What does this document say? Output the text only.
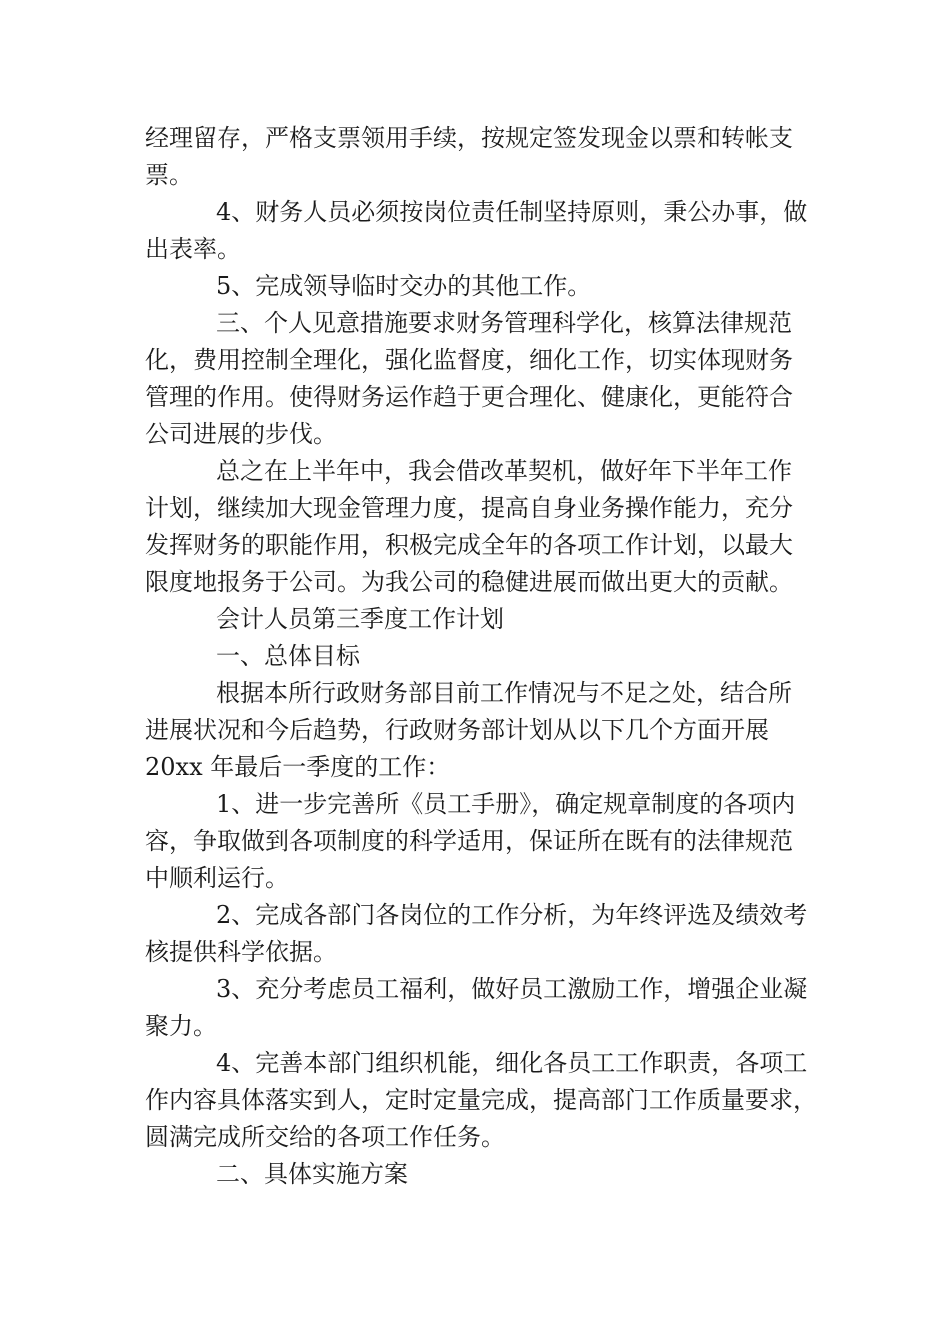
经理留存，严格支票领用手续，按规定签发现金以票和转帐支

票。

4、财务人员必须按岗位责任制坚持原则，秉公办事，做

出表率。

5、完成领导临时交办的其他工作。

三、个人见意措施要求财务管理科学化，核算法律规范

化，费用控制全理化，强化监督度，细化工作，切实体现财务

管理的作用。使得财务运作趋于更合理化、健康化，更能符合

公司进展的步伐。

总之在上半年中，我会借改革契机，做好年下半年工作

计划，继续加大现金管理力度，提高自身业务操作能力，充分

发挥财务的职能作用，积极完成全年的各项工作计划，以最大

限度地报务于公司。为我公司的稳健进展而做出更大的贡献。

会计人员第三季度工作计划

一、总体目标

根据本所行政财务部目前工作情况与不足之处，结合所

进展状况和今后趋势，行政财务部计划从以下几个方面开展

20xx 年最后一季度的工作：

1、进一步完善所《员工手册》，确定规章制度的各项内

容，争取做到各项制度的科学适用，保证所在既有的法律规范

中顺利运行。

2、完成各部门各岗位的工作分析，为年终评选及绩效考

核提供科学依据。

3、充分考虑员工福利，做好员工激励工作，增强企业凝

聚力。

4、完善本部门组织机能，细化各员工工作职责，各项工

作内容具体落实到人，定时定量完成，提高部门工作质量要求，

圆满完成所交给的各项工作任务。

二、具体实施方案
